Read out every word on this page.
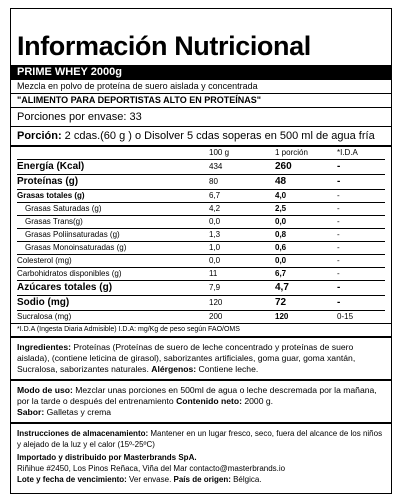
Información Nutricional
PRIME WHEY 2000g
Mezcla en polvo de proteína de suero aislada y concentrada
"ALIMENTO PARA DEPORTISTAS ALTO EN PROTEÍNAS"
Porciones por envase: 33
Porción: 2 cdas.(60 g ) o Disolver 5 cdas soperas en 500 ml de agua fría
	100 g	1 porción	*I.D.A
Energía (Kcal)	434	260	-
Proteínas (g)	80	48	-
Grasas totales (g)	6,7	4,0	-
Grasas Saturadas (g)	4,2	2,5	-
Grasas Trans(g)	0,0	0,0	-
Grasas Poliinsaturadas (g)	1,3	0,8	-
Grasas Monoinsaturadas (g)	1,0	0,6	-
Colesterol (mg)	0,0	0,0	-
Carbohidratos disponibles (g)	11	6,7	-
Azúcares totales (g)	7,9	4,7	-
Sodio (mg)	120	72	-
Sucralosa (mg)	200	120	0-15
*I.D.A (Ingesta Diaria Admisible) I.D.A: mg/Kg de peso según FAO/OMS
Ingredientes: Proteínas (Proteínas de suero de leche concentrado y proteínas de suero aislada), (contiene leticina de girasol), saborizantes artificiales, goma guar, goma xantán, Sucralosa, saborizantes naturales. Alérgenos: Contiene leche.
Modo de uso: Mezclar unas porciones en 500ml de agua o leche descremada por la mañana, por la tarde o después del entrenamiento Contenido neto: 2000 g.
Sabor: Galletas y crema
Instrucciones de almacenamiento: Mantener en un lugar fresco, seco, fuera del alcance de los niños y alejado de la luz y el calor (15º-25ºC)
Importado y distribuido por Masterbrands SpA.
Riñihue #2450, Los Pinos Reñaca, Viña del Mar contacto@masterbrands.io
Lote y fecha de vencimiento: Ver envase. País de origen: Bélgica.
